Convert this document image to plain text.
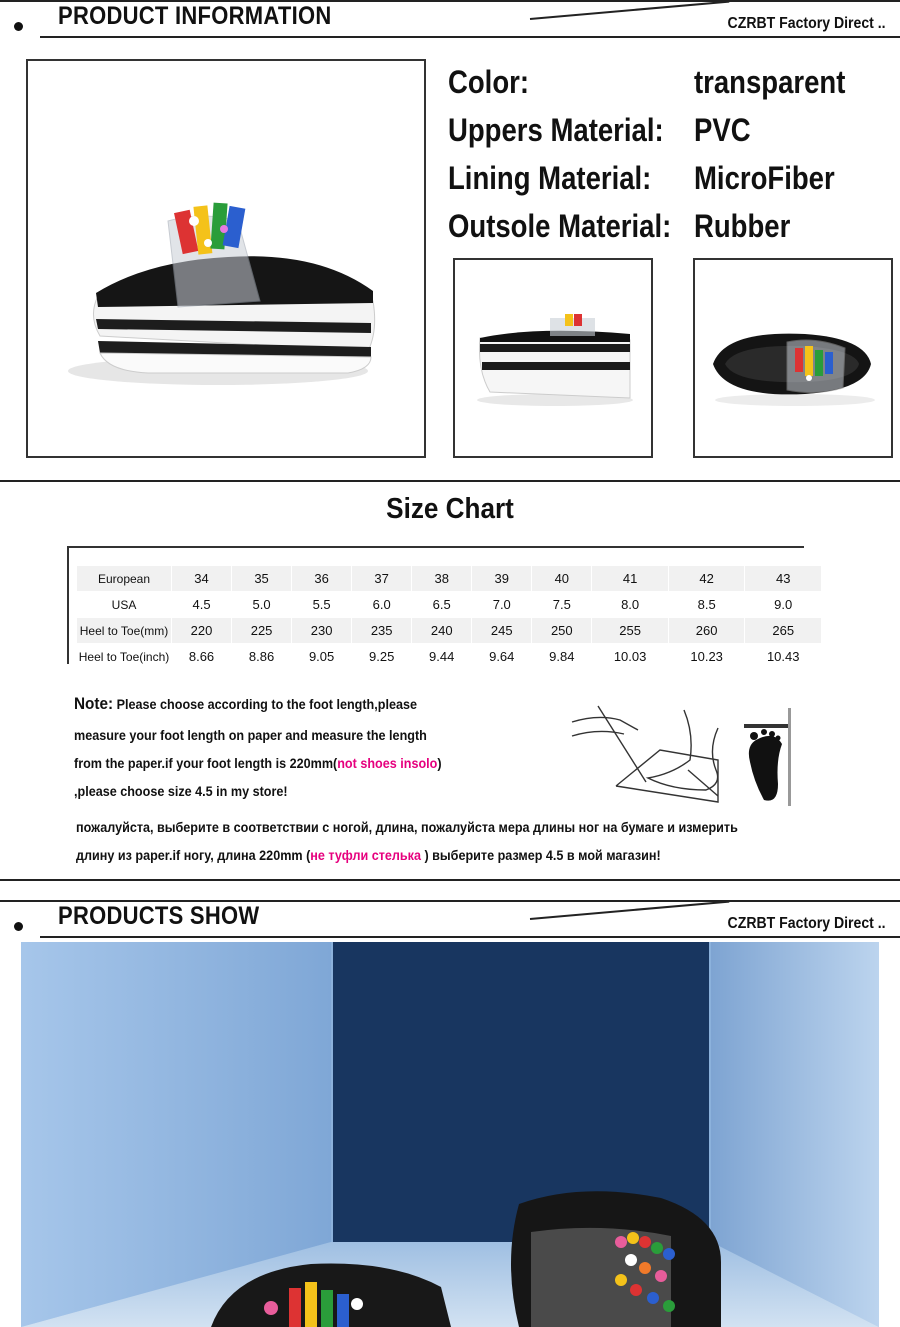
PRODUCT INFORMATION	CZRBT Factory Direct ..
Color:	transparent
Uppers Material: PVC
Lining Material: MicroFiber
Outsole Material: Rubber
Size Chart
European	34	35	36	37	38	39	40	41	42	43
USA	4.5	5.0	5.5	6.0	6.5	7.0	7.5	8.0	8.5	9.0
Heel to Toe(mm)	220	225	230	235	240	245	250	255	260	265
Heel to Toe(inch)	8.66	8.86	9.05	9.25	9.44	9.64	9.84	10.03	10.23	10.43
Note: Please choose according to the foot length,please
measure your foot length on paper and measure the length
from the paper.if your foot length is 220mm(not shoes insolo)
,please choose size 4.5 in my store!
пожалуйста, выберите в соответствии с ногой, длина, пожалуйста мера длины ног на бумаге и измерить
длину из paper.if ногу, длина 220mm (не туфли стелька ) выберите размер 4.5 в мой магазин!
PRODUCTS SHOW	CZRBT Factory Direct ..
